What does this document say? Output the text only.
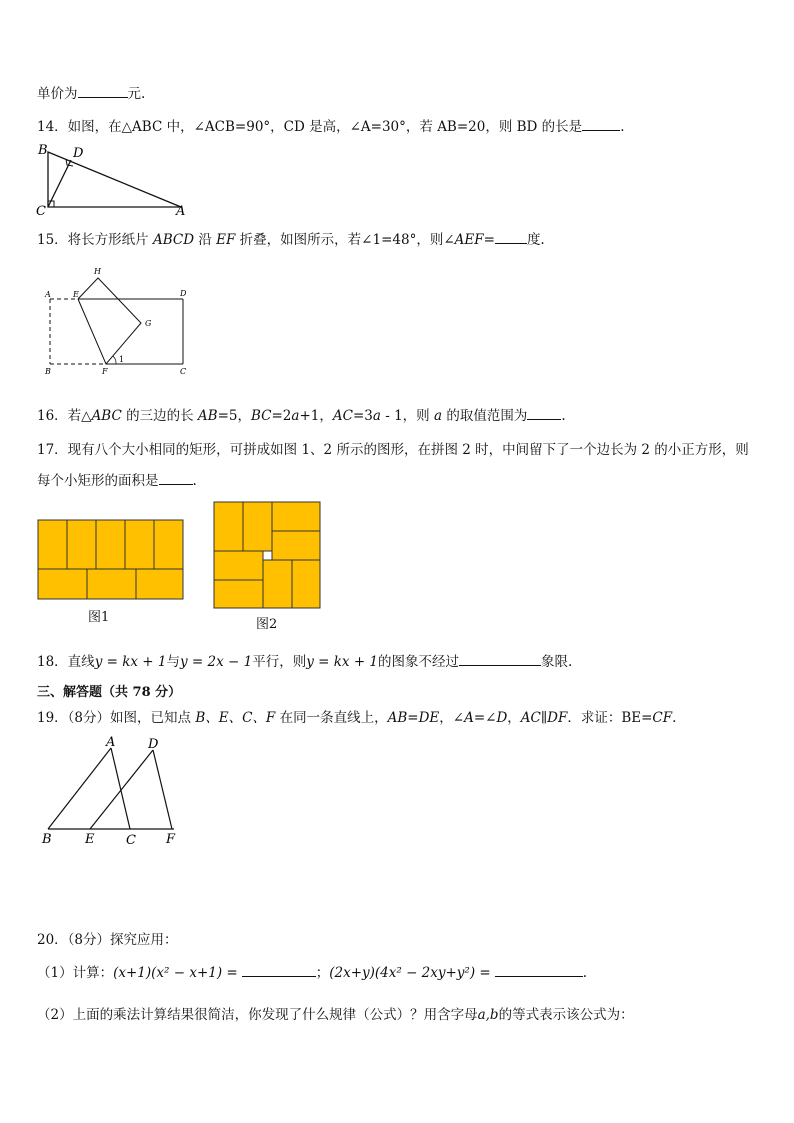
单价为	元.
14．如图，在△ABC 中，∠ACB=90°，CD 是高，∠A=30°，若 AB=20，则 BD 的长是	.
B D
C	A
15．将长方形纸片 ABCD 沿 EF 折叠，如图所示，若∠1=48°，则∠AEF= 度.
A	E
H
D
G
B	F	C
1
16．若△ABC 的三边的长 AB=5，BC=2a+1，AC=3a - 1，则 a 的取值范围为	.
17．现有八个大小相同的矩形，可拼成如图 1、2 所示的图形，在拼图 2 时，中间留下了一个边长为 2 的小正方形，则
每个小矩形的面积是	.
图1	图2
18．直线y = kx + 1与y = 2x − 1平行，则y = kx + 1的图象不经过	象限.
三、解答题（共 78 分）
19．（8分）如图，已知点 B、E、C、F 在同一条直线上，AB=DE，∠A=∠D，AC∥DF．求证：BE=CF.
A	D
B	E C F
20．（8分）探究应用：
（1）计算：(x+1)(x² − x+1) =	；(2x+y)(4x² − 2xy+y²) =	.
（2）上面的乘法计算结果很简洁，你发现了什么规律（公式）？用含字母a,b的等式表示该公式为：
